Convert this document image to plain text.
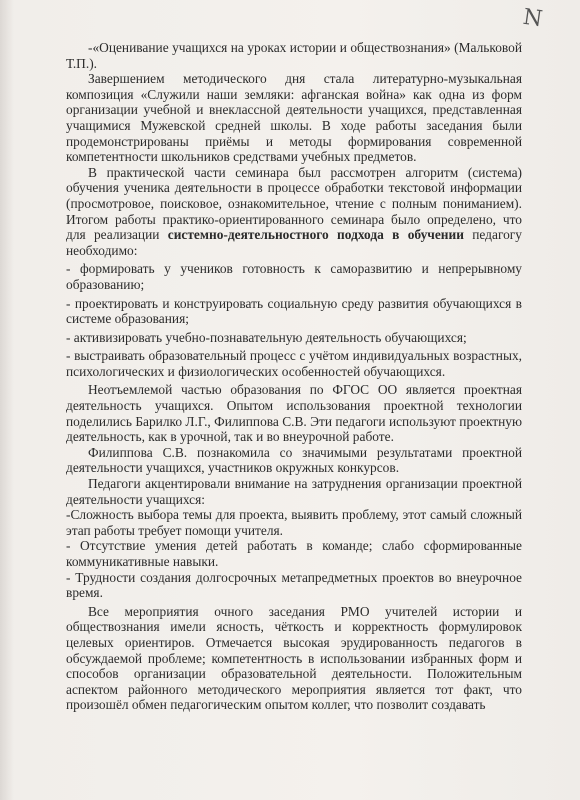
N

-«Оценивание учащихся на уроках истории и обществознания» (Мальковой Т.П.).

Завершением методического дня стала литературно-музыкальная композиция «Служили наши земляки: афганская война» как одна из форм организации учебной и внеклассной деятельности учащихся, представленная учащимися Мужевской средней школы. В ходе работы заседания были продемонстрированы приёмы и методы формирования современной компетентности школьников средствами учебных предметов.

В практической части семинара был рассмотрен алгоритм (система) обучения ученика деятельности в процессе обработки текстовой информации (просмотровое, поисковое, ознакомительное, чтение с полным пониманием). Итогом работы практико-ориентированного семинара было определено, что для реализации системно-деятельностного подхода в обучении педагогу необходимо:

- формировать у учеников готовность к саморазвитию и непрерывному образованию;

- проектировать и конструировать социальную среду развития обучающихся в системе образования;

- активизировать учебно-познавательную деятельность обучающихся;

- выстраивать образовательный процесс с учётом индивидуальных возрастных, психологических и физиологических особенностей обучающихся.

Неотъемлемой частью образования по ФГОС ОО является проектная деятельность учащихся. Опытом использования проектной технологии поделились Барилко Л.Г., Филиппова С.В. Эти педагоги используют проектную деятельность, как в урочной, так и во внеурочной работе.

Филиппова С.В. познакомила со значимыми результатами проектной деятельности учащихся, участников окружных конкурсов.

Педагоги акцентировали внимание на затруднения организации проектной деятельности учащихся:

-Сложность выбора темы для проекта, выявить проблему, этот самый сложный этап работы требует помощи учителя.

- Отсутствие умения детей работать в команде; слабо сформированные коммуникативные навыки.

- Трудности создания долгосрочных метапредметных проектов во внеурочное время.

Все мероприятия очного заседания РМО учителей истории и обществознания имели ясность, чёткость и корректность формулировок целевых ориентиров. Отмечается высокая эрудированность педагогов в обсуждаемой проблеме; компетентность в использовании избранных форм и способов организации образовательной деятельности. Положительным аспектом районного методического мероприятия является тот факт, что произошёл обмен педагогическим опытом коллег, что позволит создавать
